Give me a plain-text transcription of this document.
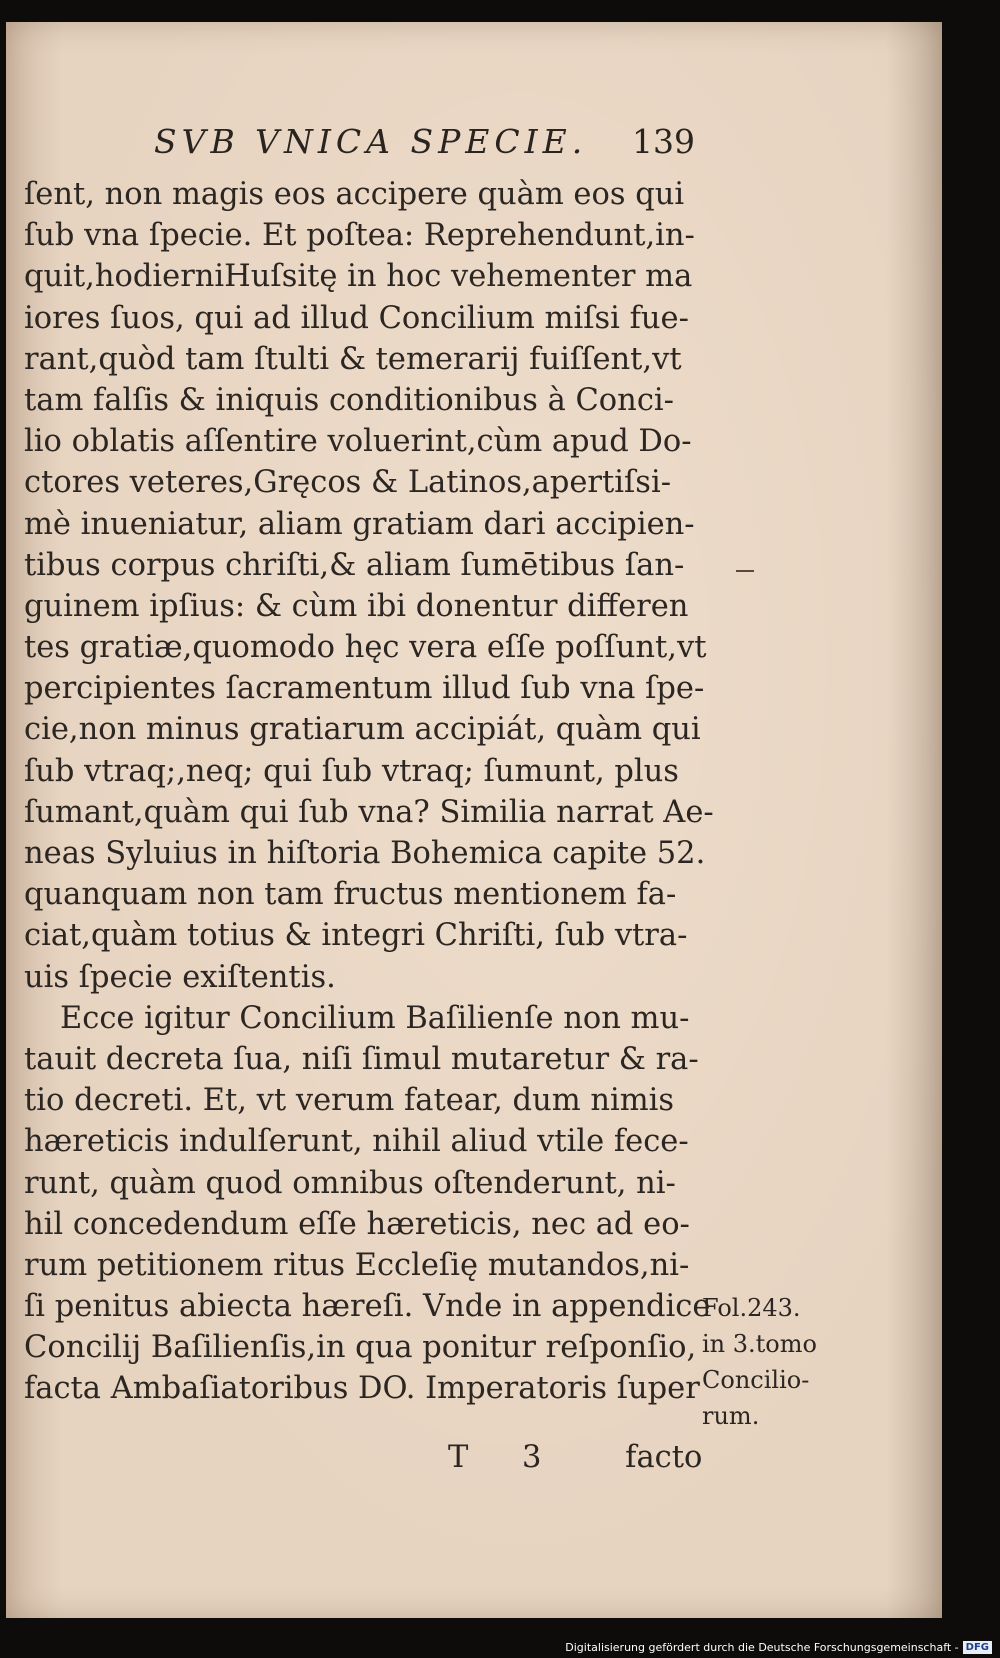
SVB VNICA SPECIE. 139
ſent, non magis eos accipere quàm eos qui
ſub vna ſpecie. Et poſtea: Reprehendunt,in-
quit,hodierniHuſsitę in hoc vehementer ma
iores ſuos, qui ad illud Concilium miſsi fue-
rant,quòd tam ſtulti & temerarij fuiſſent,vt
tam falſis & iniquis conditionibus à Conci-
lio oblatis aſſentire voluerint,cùm apud Do-
ctores veteres,Gręcos & Latinos,apertiſsi-
mè inueniatur, aliam gratiam dari accipien-
tibus corpus chriſti,& aliam ſumētibus ſan-
guinem ipſius: & cùm ibi donentur differen
tes gratiæ,quomodo hęc vera eſſe poſſunt,vt
percipientes ſacramentum illud ſub vna ſpe-
cie,non minus gratiarum accipiát, quàm qui
ſub vtraq;,neq; qui ſub vtraq; ſumunt, plus
ſumant,quàm qui ſub vna? Similia narrat Ae-
neas Syluius in hiſtoria Bohemica capite 52.
quanquam non tam fructus mentionem fa-
ciat,quàm totius & integri Chriſti, ſub vtra-
uis ſpecie exiſtentis.
Ecce igitur Concilium Baſilienſe non mu-
tauit decreta ſua, niſi ſimul mutaretur & ra-
tio decreti. Et, vt verum fatear, dum nimis
hæreticis indulſerunt, nihil aliud vtile fece-
runt, quàm quod omnibus oſtenderunt, ni-
hil concedendum eſſe hæreticis, nec ad eo-
rum petitionem ritus Eccleſię mutandos,ni-
ſi penitus abiecta hæreſi. Vnde in appendice
Concilij Baſilienſis,in qua ponitur reſponſio,
facta Ambaſiatoribus DO. Imperatoris ſuper
Fol.243.
in 3.tomo
Concilio-
rum.
T 3	facto
Digitalisierung gefördert durch die Deutsche Forschungsgemeinschaft - DFG
